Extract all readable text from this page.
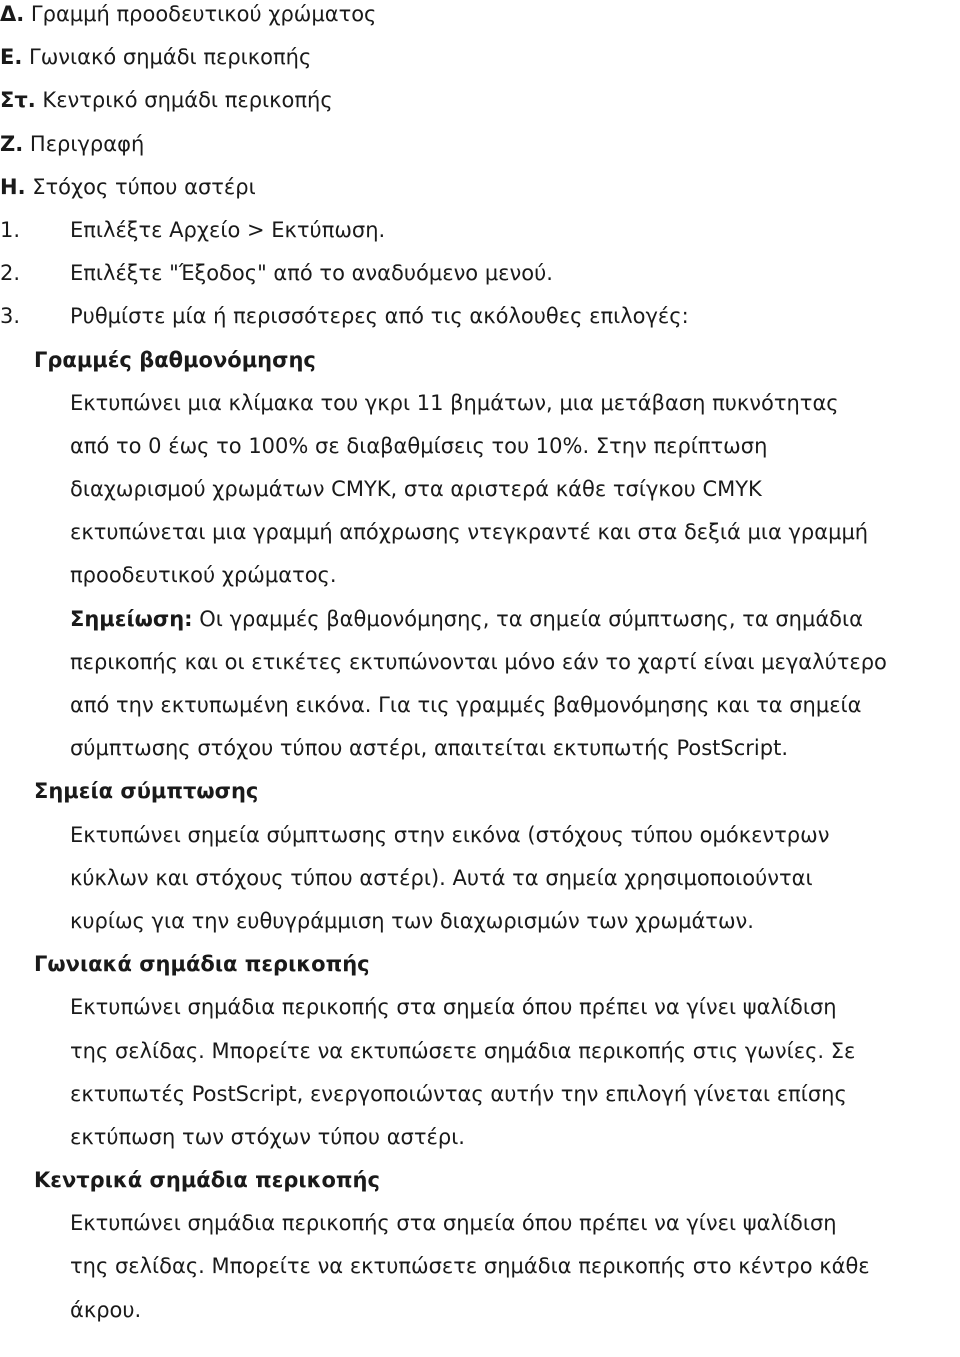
Δ. Γραμμή προοδευτικού χρώματος
Ε. Γωνιακό σημάδι περικοπής
Στ. Κεντρικό σημάδι περικοπής
Ζ. Περιγραφή
Η. Στόχος τύπου αστέρι
1. Επιλέξτε Αρχείο > Εκτύπωση.
2. Επιλέξτε "Έξοδος" από το αναδυόμενο μενού.
3. Ρυθμίστε μία ή περισσότερες από τις ακόλουθες επιλογές:
Γραμμές βαθμονόμησης
Εκτυπώνει μια κλίμακα του γκρι 11 βημάτων, μια μετάβαση πυκνότητας
από το 0 έως το 100% σε διαβαθμίσεις του 10%. Στην περίπτωση
διαχωρισμού χρωμάτων CMYK, στα αριστερά κάθε τσίγκου CMYK
εκτυπώνεται μια γραμμή απόχρωσης ντεγκραντέ και στα δεξιά μια γραμμή
προοδευτικού χρώματος.
Σημείωση: Οι γραμμές βαθμονόμησης, τα σημεία σύμπτωσης, τα σημάδια
περικοπής και οι ετικέτες εκτυπώνονται μόνο εάν το χαρτί είναι μεγαλύτερο
από την εκτυπωμένη εικόνα. Για τις γραμμές βαθμονόμησης και τα σημεία
σύμπτωσης στόχου τύπου αστέρι, απαιτείται εκτυπωτής PostScript.
Σημεία σύμπτωσης
Εκτυπώνει σημεία σύμπτωσης στην εικόνα (στόχους τύπου ομόκεντρων
κύκλων και στόχους τύπου αστέρι). Αυτά τα σημεία χρησιμοποιούνται
κυρίως για την ευθυγράμμιση των διαχωρισμών των χρωμάτων.
Γωνιακά σημάδια περικοπής
Εκτυπώνει σημάδια περικοπής στα σημεία όπου πρέπει να γίνει ψαλίδιση
της σελίδας. Μπορείτε να εκτυπώσετε σημάδια περικοπής στις γωνίες. Σε
εκτυπωτές PostScript, ενεργοποιώντας αυτήν την επιλογή γίνεται επίσης
εκτύπωση των στόχων τύπου αστέρι.
Κεντρικά σημάδια περικοπής
Εκτυπώνει σημάδια περικοπής στα σημεία όπου πρέπει να γίνει ψαλίδιση
της σελίδας. Μπορείτε να εκτυπώσετε σημάδια περικοπής στο κέντρο κάθε
άκρου.
